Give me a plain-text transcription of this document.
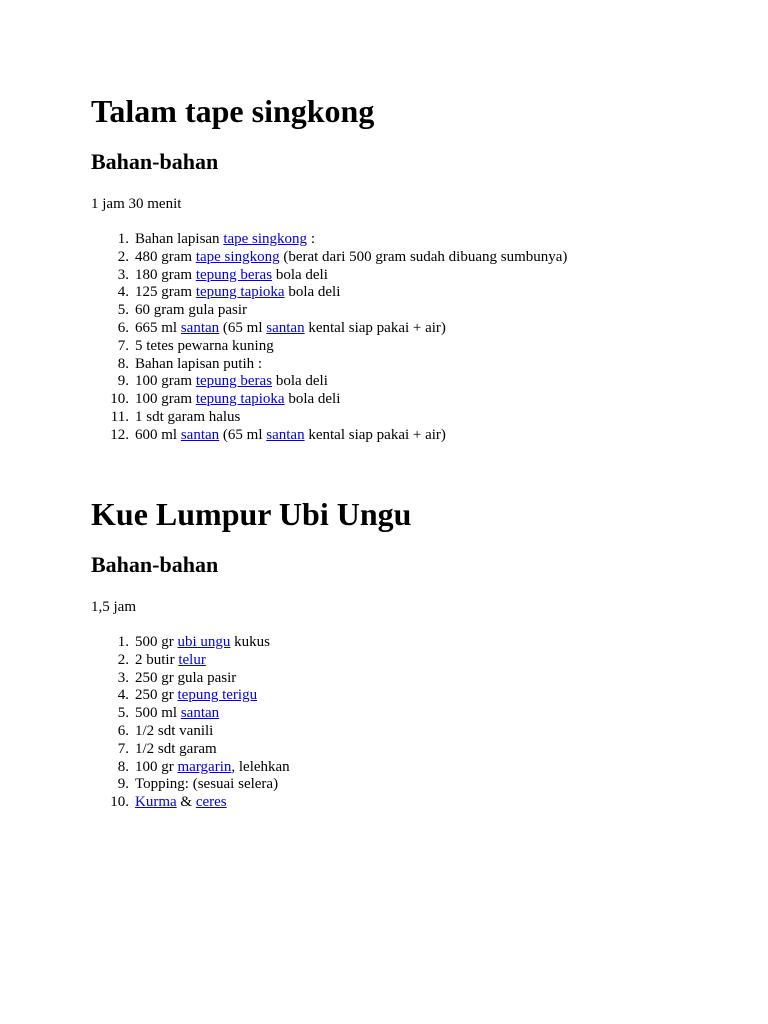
Talam tape singkong
Bahan-bahan

1 jam 30 menit

1. Bahan lapisan tape singkong :
2. 480 gram tape singkong (berat dari 500 gram sudah dibuang sumbunya)
3. 180 gram tepung beras bola deli
4. 125 gram tepung tapioka bola deli
5. 60 gram gula pasir
6. 665 ml santan (65 ml santan kental siap pakai + air)
7. 5 tetes pewarna kuning
8. Bahan lapisan putih :
9. 100 gram tepung beras bola deli
10. 100 gram tepung tapioka bola deli
11. 1 sdt garam halus
12. 600 ml santan (65 ml santan kental siap pakai + air)
Kue Lumpur Ubi Ungu
Bahan-bahan

1,5 jam

1. 500 gr ubi ungu kukus
2. 2 butir telur
3. 250 gr gula pasir
4. 250 gr tepung terigu
5. 500 ml santan
6. 1/2 sdt vanili
7. 1/2 sdt garam
8. 100 gr margarin, lelehkan
9. Topping: (sesuai selera)
10. Kurma & ceres
